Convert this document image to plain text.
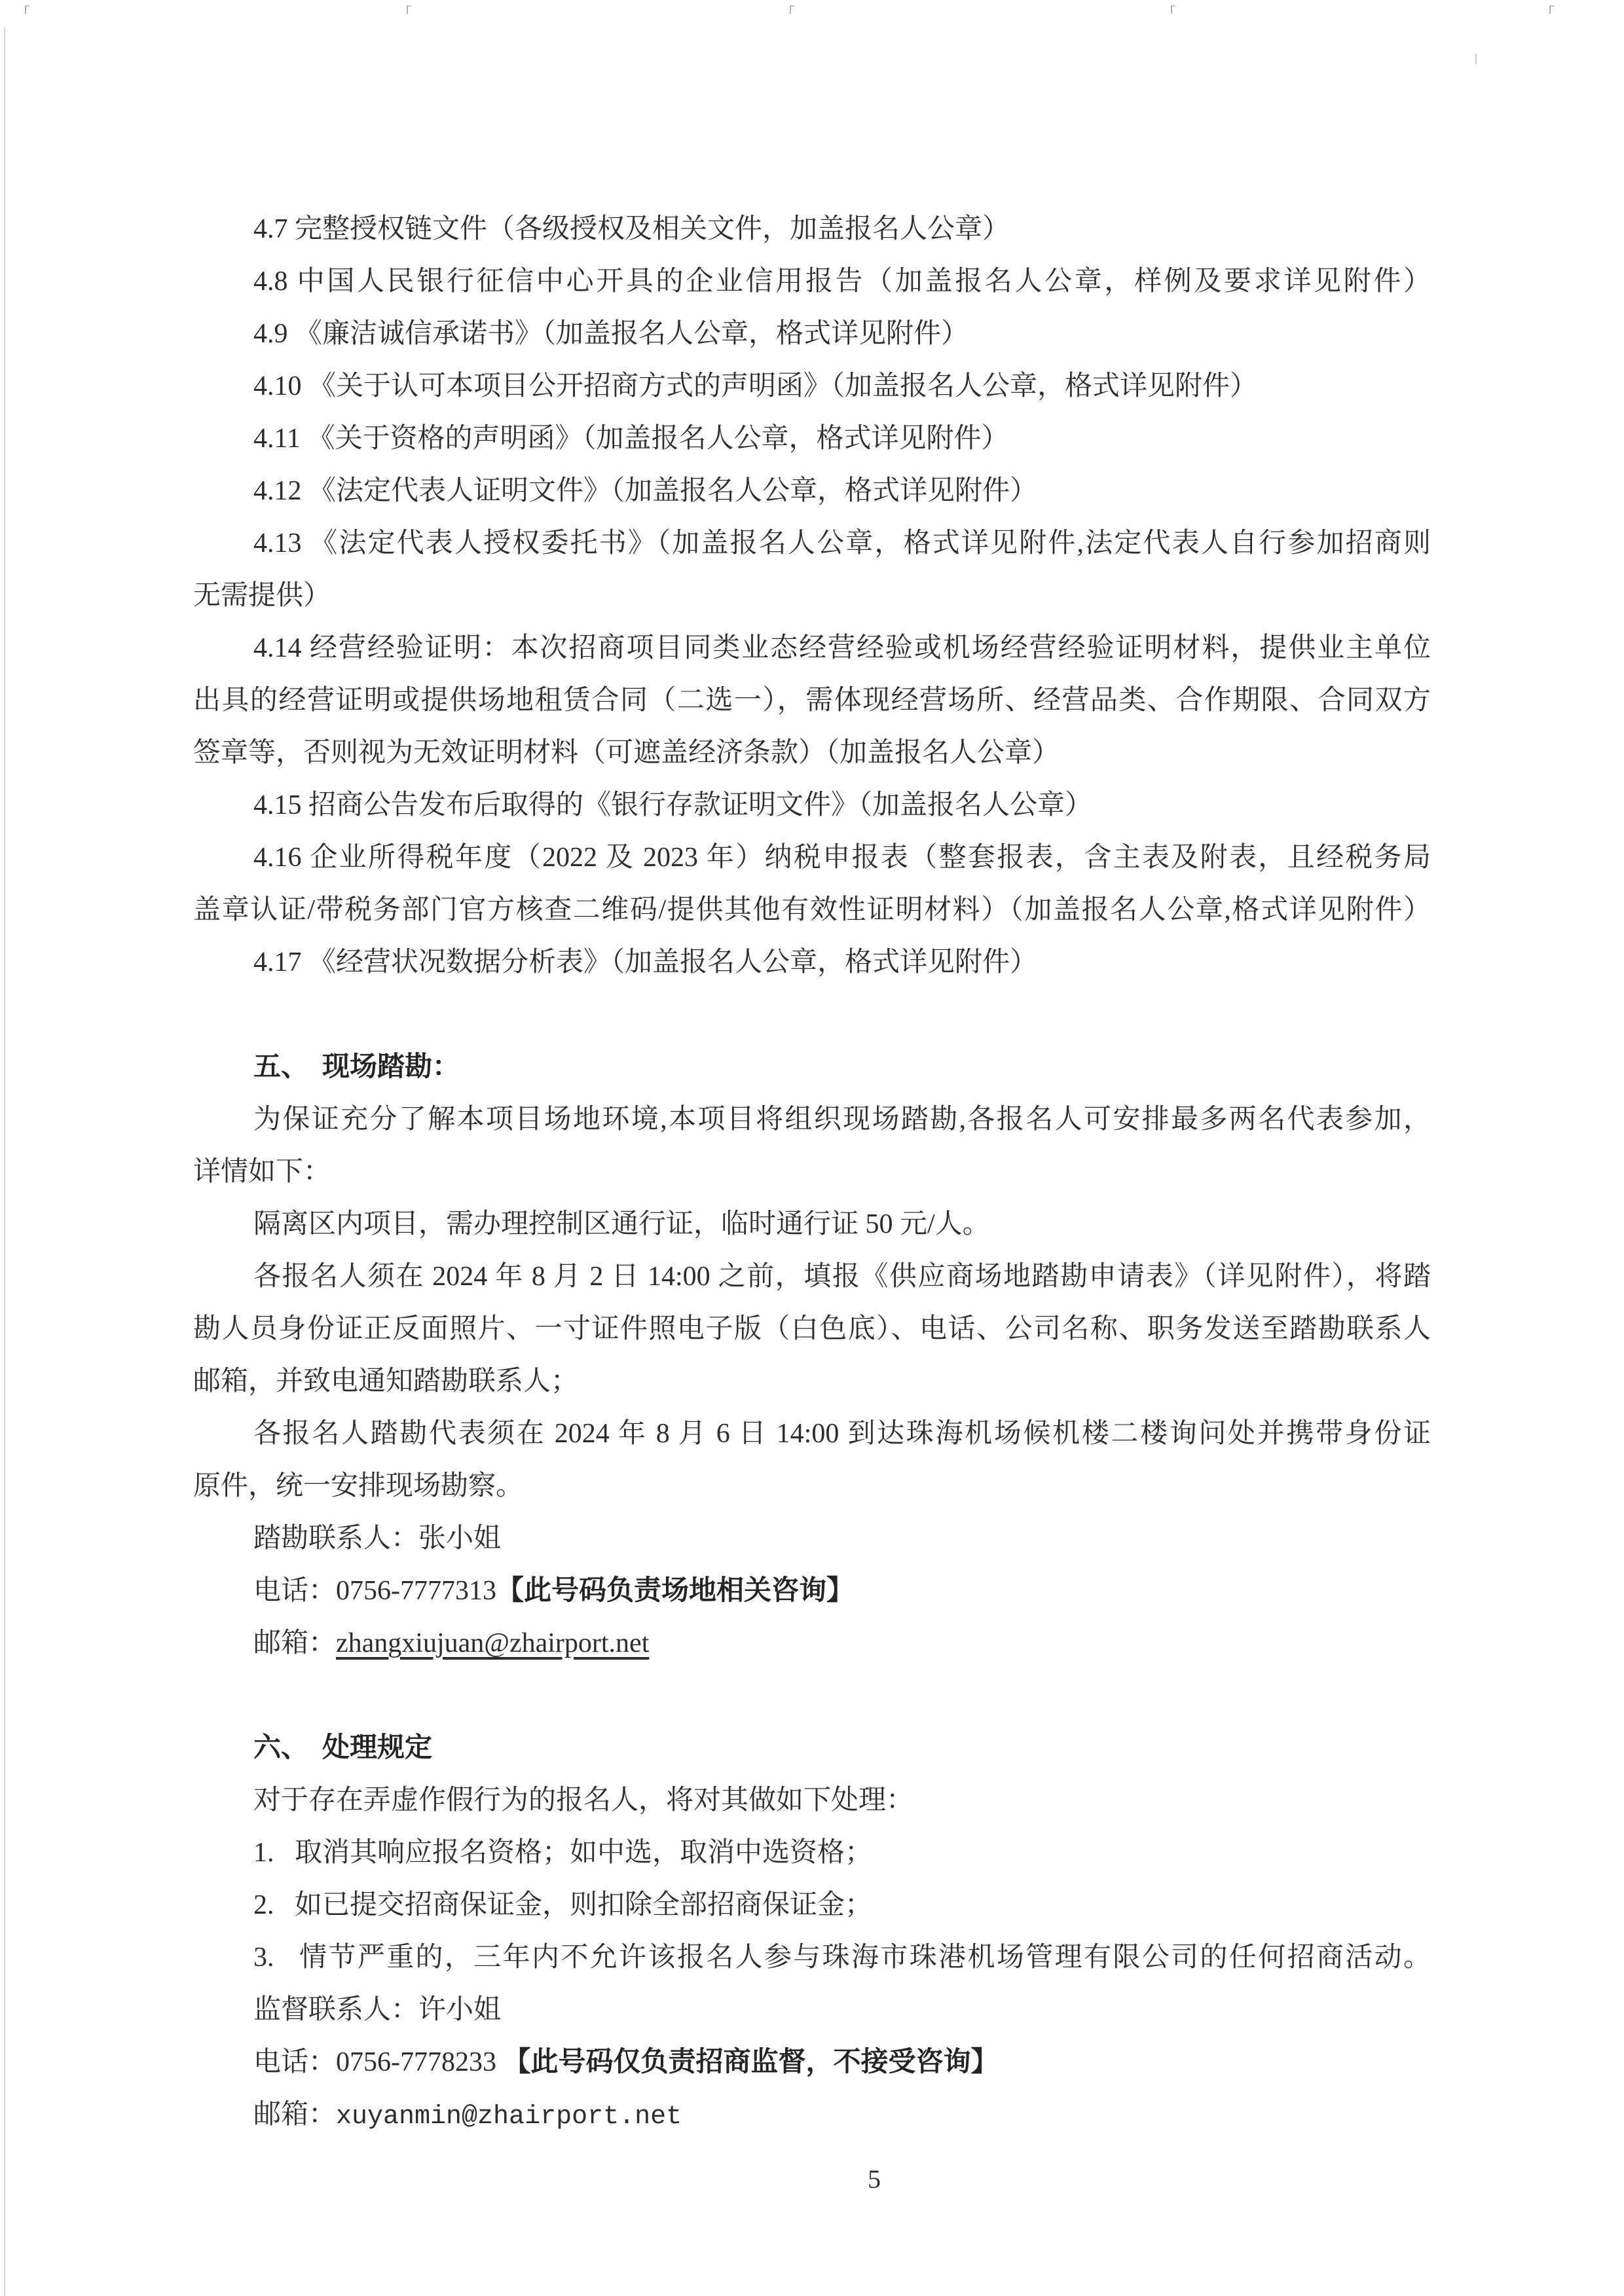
4.7 完整授权链文件（各级授权及相关文件，加盖报名人公章）
4.8 中国人民银行征信中心开具的企业信用报告（加盖报名人公章，样例及要求详见附件）
4.9 《廉洁诚信承诺书》（加盖报名人公章，格式详见附件）
4.10 《关于认可本项目公开招商方式的声明函》（加盖报名人公章，格式详见附件）
4.11 《关于资格的声明函》（加盖报名人公章，格式详见附件）
4.12 《法定代表人证明文件》（加盖报名人公章，格式详见附件）
4.13 《法定代表人授权委托书》（加盖报名人公章，格式详见附件,法定代表人自行参加招商则
无需提供）
4.14 经营经验证明：本次招商项目同类业态经营经验或机场经营经验证明材料，提供业主单位
出具的经营证明或提供场地租赁合同（二选一），需体现经营场所、经营品类、合作期限、合同双方
签章等，否则视为无效证明材料（可遮盖经济条款）（加盖报名人公章）
4.15 招商公告发布后取得的《银行存款证明文件》（加盖报名人公章）
4.16 企业所得税年度（2022 及 2023 年）纳税申报表（整套报表，含主表及附表，且经税务局
盖章认证/带税务部门官方核查二维码/提供其他有效性证明材料）（加盖报名人公章,格式详见附件）
4.17 《经营状况数据分析表》（加盖报名人公章，格式详见附件）
五、  现场踏勘：
为保证充分了解本项目场地环境,本项目将组织现场踏勘,各报名人可安排最多两名代表参加，
详情如下：
隔离区内项目，需办理控制区通行证，临时通行证 50 元/人。
各报名人须在 2024 年 8 月 2 日 14:00 之前，填报《供应商场地踏勘申请表》（详见附件），将踏
勘人员身份证正反面照片、一寸证件照电子版（白色底）、电话、公司名称、职务发送至踏勘联系人
邮箱，并致电通知踏勘联系人；
各报名人踏勘代表须在 2024 年 8 月 6 日 14:00 到达珠海机场候机楼二楼询问处并携带身份证
原件，统一安排现场勘察。
踏勘联系人：张小姐
电话：0756-7777313【此号码负责场地相关咨询】
邮箱：zhangxiujuan@zhairport.net
六、  处理规定
对于存在弄虚作假行为的报名人，将对其做如下处理：
1.   取消其响应报名资格；如中选，取消中选资格；
2.   如已提交招商保证金，则扣除全部招商保证金；
3.   情节严重的，三年内不允许该报名人参与珠海市珠港机场管理有限公司的任何招商活动。
监督联系人：许小姐
电话：0756-7778233 【此号码仅负责招商监督，不接受咨询】
邮箱：xuyanmin@zhairport.net
5
